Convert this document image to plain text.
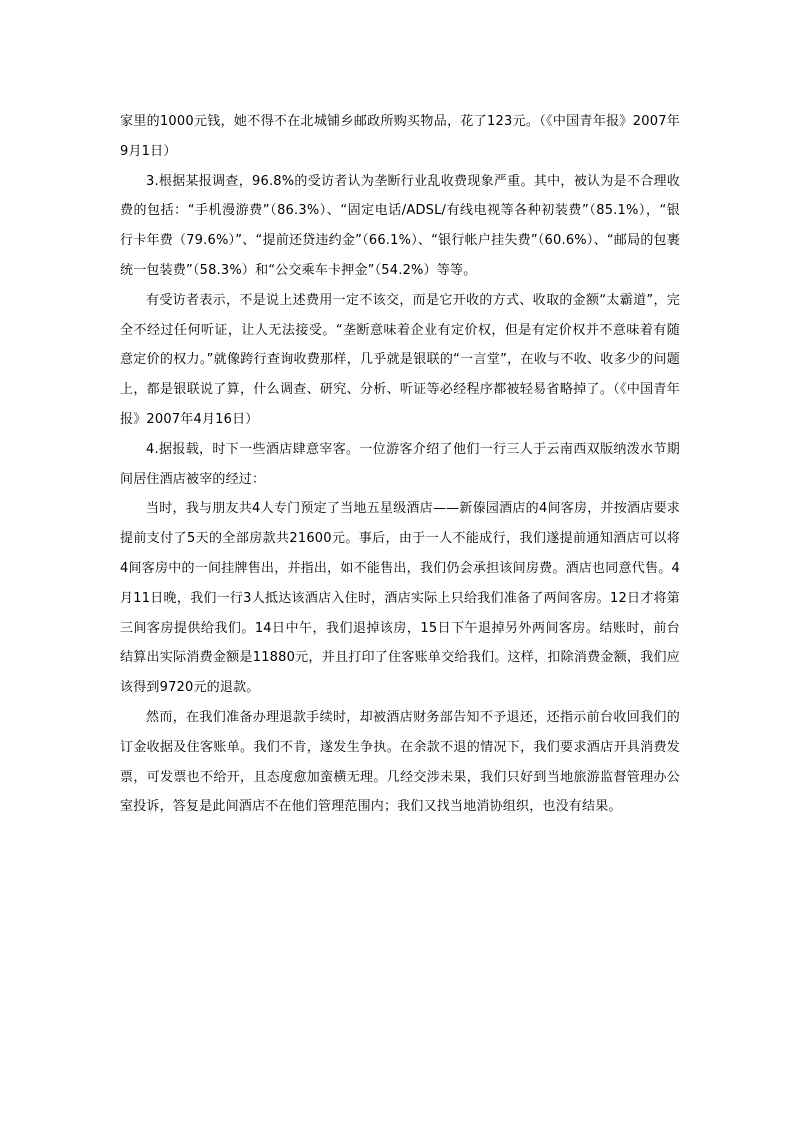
家里的1000元钱，她不得不在北城铺乡邮政所购买物品，花了123元。（《中国青年报》2007年9月1日）

3.根据某报调查，96.8%的受访者认为垄断行业乱收费现象严重。其中，被认为是不合理收费的包括：“手机漫游费”（86.3%）、“固定电话/ADSL/有线电视等各种初装费”（85.1%），“银行卡年费（79.6%）”、“提前还贷违约金”（66.1%）、“银行帐户挂失费”（60.6%）、“邮局的包裹统一包装费”（58.3%）和“公交乘车卡押金”（54.2%）等等。

有受访者表示，不是说上述费用一定不该交，而是它开收的方式、收取的金额“太霸道”，完全不经过任何听证，让人无法接受。“垄断意味着企业有定价权，但是有定价权并不意味着有随意定价的权力。”就像跨行查询收费那样，几乎就是银联的“一言堂”，在收与不收、收多少的问题上，都是银联说了算，什么调查、研究、分析、听证等必经程序都被轻易省略掉了。（《中国青年报》2007年4月16日）

4.据报载，时下一些酒店肆意宰客。一位游客介绍了他们一行三人于云南西双版纳泼水节期间居住酒店被宰的经过：

当时，我与朋友共4人专门预定了当地五星级酒店——新傣园酒店的4间客房，并按酒店要求提前支付了5天的全部房款共21600元。事后，由于一人不能成行，我们遂提前通知酒店可以将4间客房中的一间挂牌售出，并指出，如不能售出，我们仍会承担该间房费。酒店也同意代售。4月11日晚，我们一行3人抵达该酒店入住时，酒店实际上只给我们准备了两间客房。12日才将第三间客房提供给我们。14日中午，我们退掉该房，15日下午退掉另外两间客房。结账时，前台结算出实际消费金额是11880元，并且打印了住客账单交给我们。这样，扣除消费金额，我们应该得到9720元的退款。

然而，在我们准备办理退款手续时，却被酒店财务部告知不予退还，还指示前台收回我们的订金收据及住客账单。我们不肯，遂发生争执。在余款不退的情况下，我们要求酒店开具消费发票，可发票也不给开，且态度愈加蛮横无理。几经交涉未果，我们只好到当地旅游监督管理办公室投诉，答复是此间酒店不在他们管理范围内；我们又找当地消协组织，也没有结果。
